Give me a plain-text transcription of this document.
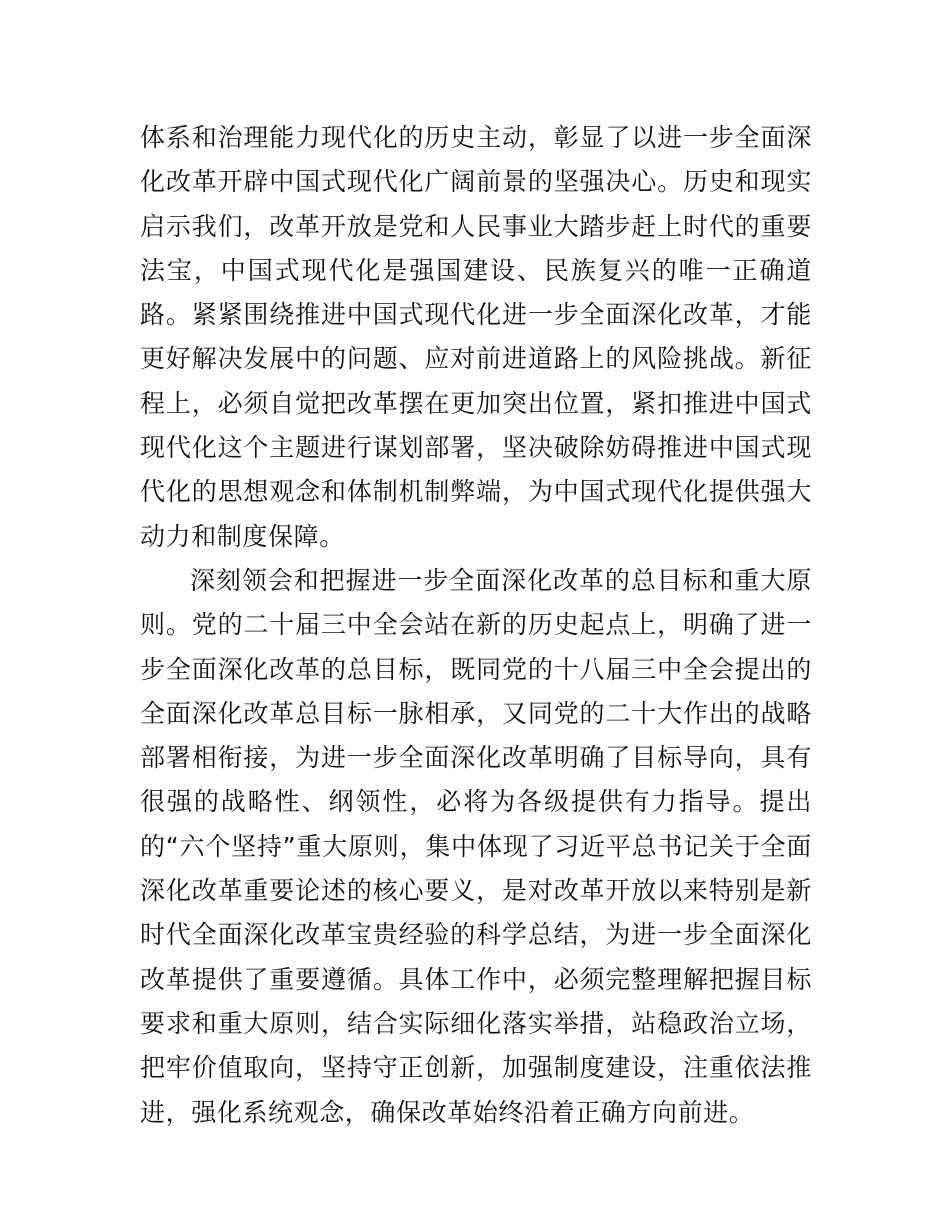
体系和治理能力现代化的历史主动，彰显了以进一步全面深化改革开辟中国式现代化广阔前景的坚强决心。历史和现实启示我们，改革开放是党和人民事业大踏步赶上时代的重要法宝，中国式现代化是强国建设、民族复兴的唯一正确道路。紧紧围绕推进中国式现代化进一步全面深化改革，才能更好解决发展中的问题、应对前进道路上的风险挑战。新征程上，必须自觉把改革摆在更加突出位置，紧扣推进中国式现代化这个主题进行谋划部署，坚决破除妨碍推进中国式现代化的思想观念和体制机制弊端，为中国式现代化提供强大动力和制度保障。

深刻领会和把握进一步全面深化改革的总目标和重大原则。党的二十届三中全会站在新的历史起点上，明确了进一步全面深化改革的总目标，既同党的十八届三中全会提出的全面深化改革总目标一脉相承，又同党的二十大作出的战略部署相衔接，为进一步全面深化改革明确了目标导向，具有很强的战略性、纲领性，必将为各级提供有力指导。提出的“六个坚持”重大原则，集中体现了习近平总书记关于全面深化改革重要论述的核心要义，是对改革开放以来特别是新时代全面深化改革宝贵经验的科学总结，为进一步全面深化改革提供了重要遵循。具体工作中，必须完整理解把握目标要求和重大原则，结合实际细化落实举措，站稳政治立场，把牢价值取向，坚持守正创新，加强制度建设，注重依法推进，强化系统观念，确保改革始终沿着正确方向前进。
